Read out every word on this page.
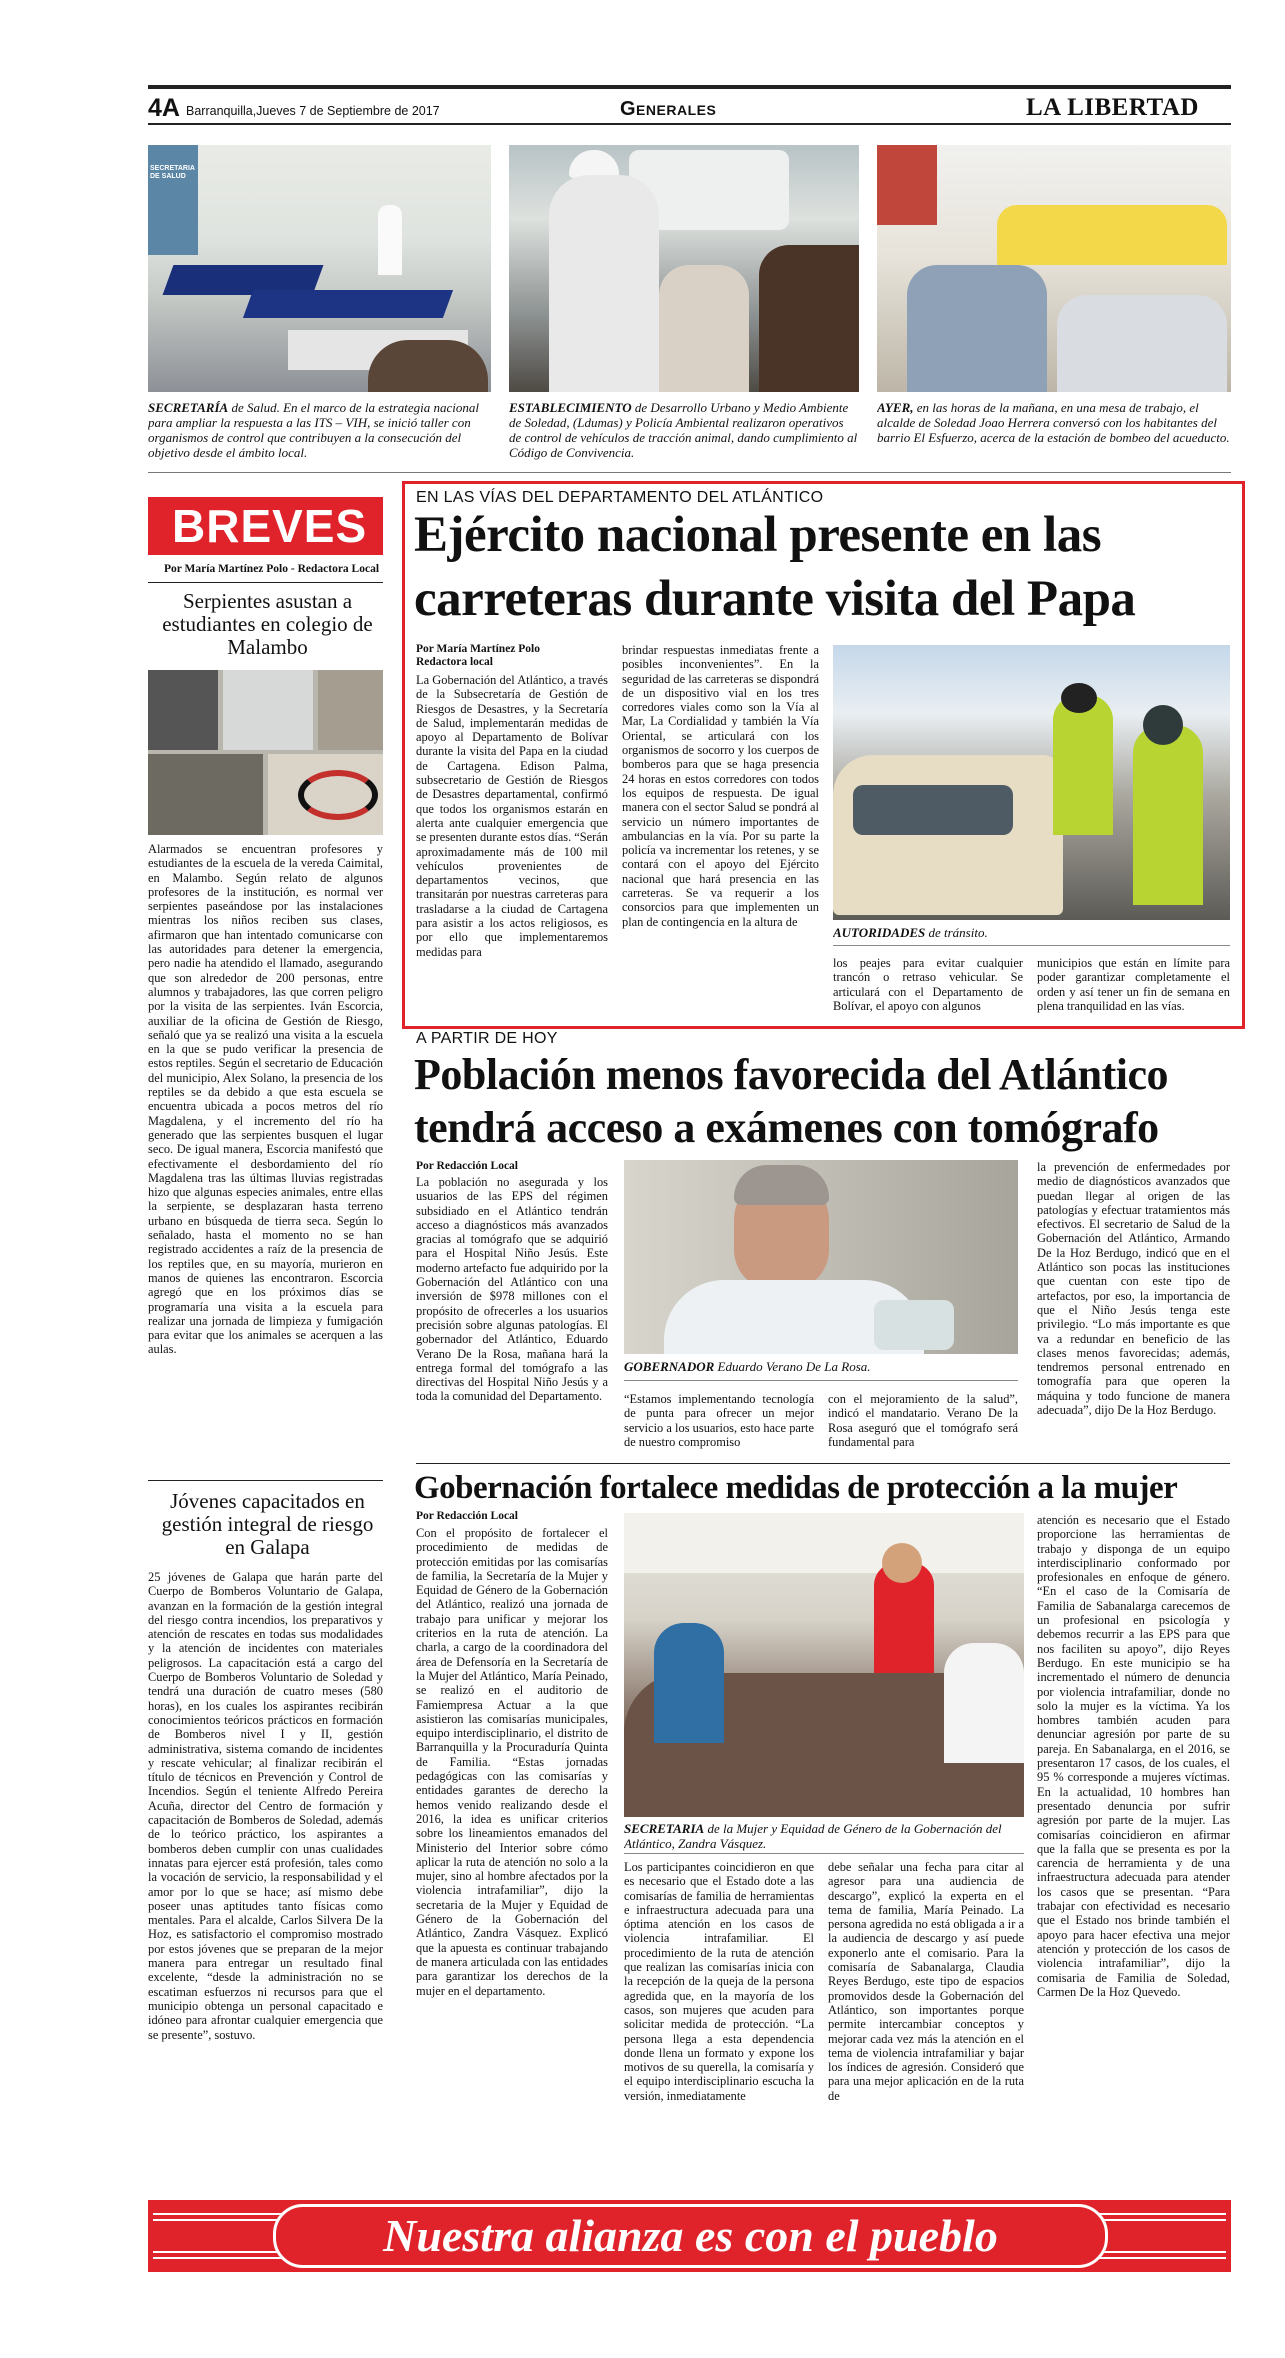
4A Barranquilla,Jueves 7 de Septiembre de 2017	Generales	LA LIBERTAD
SECRETARIA DE SALUD
SECRETARÍA de Salud. En el marco de la estrategia nacional para ampliar la respuesta a las ITS – VIH, se inició taller con organismos de control que contribuyen a la consecución del objetivo desde el ámbito local.
ESTABLECIMIENTO de Desarrollo Urbano y Medio Ambiente de Soledad, (Ldumas) y Policía Ambiental realizaron operativos de control de vehículos de tracción animal, dando cumplimiento al Código de Convivencia.
AYER, en las horas de la mañana, en una mesa de trabajo, el alcalde de Soledad Joao Herrera conversó con los habitantes del barrio El Esfuerzo, acerca de la estación de bombeo del acueducto.
BREVES
Por María Martínez Polo - Redactora Local
Serpientes asustan a estudiantes en colegio de Malambo
Alarmados se encuentran profesores y estudiantes de la escuela de la vereda Caimital, en Malambo. Según relato de algunos profesores de la institución, es normal ver serpientes paseándose por las instalaciones mientras los niños reciben sus clases, afirmaron que han intentado comunicarse con las autoridades para detener la emergencia, pero nadie ha atendido el llamado, asegurando que son alrededor de 200 personas, entre alumnos y trabajadores, las que corren peligro por la visita de las serpientes. Iván Escorcia, auxiliar de la oficina de Gestión de Riesgo, señaló que ya se realizó una visita a la escuela en la que se pudo verificar la presencia de estos reptiles. Según el secretario de Educación del municipio, Alex Solano, la presencia de los reptiles se da debido a que esta escuela se encuentra ubicada a pocos metros del río Magdalena, y el incremento del río ha generado que las serpientes busquen el lugar seco. De igual manera, Escorcia manifestó que efectivamente el desbordamiento del río Magdalena tras las últimas lluvias registradas hizo que algunas especies animales, entre ellas la serpiente, se desplazaran hasta terreno urbano en búsqueda de tierra seca. Según lo señalado, hasta el momento no se han registrado accidentes a raíz de la presencia de los reptiles que, en su mayoría, murieron en manos de quienes las encontraron. Escorcia agregó que en los próximos días se programaría una visita a la escuela para realizar una jornada de limpieza y fumigación para evitar que los animales se acerquen a las aulas.
Jóvenes capacitados en gestión integral de riesgo en Galapa
25 jóvenes de Galapa que harán parte del Cuerpo de Bomberos Voluntario de Galapa, avanzan en la formación de la gestión integral del riesgo contra incendios, los preparativos y atención de rescates en todas sus modalidades y la atención de incidentes con materiales peligrosos. La capacitación está a cargo del Cuerpo de Bomberos Voluntario de Soledad y tendrá una duración de cuatro meses (580 horas), en los cuales los aspirantes recibirán conocimientos teóricos prácticos en formación de Bomberos nivel I y II, gestión administrativa, sistema comando de incidentes y rescate vehicular; al finalizar recibirán el título de técnicos en Prevención y Control de Incendios. Según el teniente Alfredo Pereira Acuña, director del Centro de formación y capacitación de Bomberos de Soledad, además de lo teórico práctico, los aspirantes a bomberos deben cumplir con unas cualidades innatas para ejercer está profesión, tales como la vocación de servicio, la responsabilidad y el amor por lo que se hace; así mismo debe poseer unas aptitudes tanto físicas como mentales. Para el alcalde, Carlos Silvera De la Hoz, es satisfactorio el compromiso mostrado por estos jóvenes que se preparan de la mejor manera para entregar un resultado final excelente, “desde la administración no se escatiman esfuerzos ni recursos para que el municipio obtenga un personal capacitado e idóneo para afrontar cualquier emergencia que se presente”, sostuvo.
EN LAS VÍAS DEL DEPARTAMENTO DEL ATLÁNTICO
Ejército nacional presente en las
carreteras durante visita del Papa
Por María Martínez Polo
Redactora local
La Gobernación del Atlántico, a través de la Subsecretaría de Gestión de Riesgos de Desastres, y la Secretaría de Salud, implementarán medidas de apoyo al Departamento de Bolívar durante la visita del Papa en la ciudad de Cartagena. Edison Palma, subsecretario de Gestión de Riesgos de Desastres departamental, confirmó que todos los organismos estarán en alerta ante cualquier emergencia que se presenten durante estos días. “Serán aproximadamente más de 100 mil vehículos provenientes de departamentos vecinos, que transitarán por nuestras carreteras para trasladarse a la ciudad de Cartagena para asistir a los actos religiosos, es por ello que implementaremos medidas para
brindar respuestas inmediatas frente a posibles inconvenientes”. En la seguridad de las carreteras se dispondrá de un dispositivo vial en los tres corredores viales como son la Vía al Mar, La Cordialidad y también la Vía Oriental, se articulará con los organismos de socorro y los cuerpos de bomberos para que se haga presencia 24 horas en estos corredores con todos los equipos de respuesta. De igual manera con el sector Salud se pondrá al servicio un número importantes de ambulancias en la vía. Por su parte la policía va incrementar los retenes, y se contará con el apoyo del Ejército nacional que hará presencia en las carreteras. Se va requerir a los consorcios para que implementen un plan de contingencia en la altura de
AUTORIDADES de tránsito.
los peajes para evitar cualquier trancón o retraso vehicular. Se articulará con el Departamento de Bolívar, el apoyo con algunos
municipios que están en límite para poder garantizar completamente el orden y así tener un fin de semana en plena tranquilidad en las vías.
A PARTIR DE HOY
Población menos favorecida del Atlántico
tendrá acceso a exámenes con tomógrafo
Por Redacción Local
La población no asegurada y los usuarios de las EPS del régimen subsidiado en el Atlántico tendrán acceso a diagnósticos más avanzados gracias al tomógrafo que se adquirió para el Hospital Niño Jesús. Este moderno artefacto fue adquirido por la Gobernación del Atlántico con una inversión de $978 millones con el propósito de ofrecerles a los usuarios precisión sobre algunas patologías. El gobernador del Atlántico, Eduardo Verano De la Rosa, mañana hará la entrega formal del tomógrafo a las directivas del Hospital Niño Jesús y a toda la comunidad del Departamento.
GOBERNADOR Eduardo Verano De La Rosa.
“Estamos implementando tecnología de punta para ofrecer un mejor servicio a los usuarios, esto hace parte de nuestro compromiso
con el mejoramiento de la salud”, indicó el mandatario. Verano De la Rosa aseguró que el tomógrafo será fundamental para
la prevención de enfermedades por medio de diagnósticos avanzados que puedan llegar al origen de las patologías y efectuar tratamientos más efectivos. El secretario de Salud de la Gobernación del Atlántico, Armando De la Hoz Berdugo, indicó que en el Atlántico son pocas las instituciones que cuentan con este tipo de artefactos, por eso, la importancia de que el Niño Jesús tenga este privilegio. “Lo más importante es que va a redundar en beneficio de las clases menos favorecidas; además, tendremos personal entrenado en tomografía para que operen la máquina y todo funcione de manera adecuada”, dijo De la Hoz Berdugo.
Gobernación fortalece medidas de protección a la mujer
Por Redacción Local
Con el propósito de fortalecer el procedimiento de medidas de protección emitidas por las comisarías de familia, la Secretaría de la Mujer y Equidad de Género de la Gobernación del Atlántico, realizó una jornada de trabajo para unificar y mejorar los criterios en la ruta de atención. La charla, a cargo de la coordinadora del área de Defensoría en la Secretaría de la Mujer del Atlántico, María Peinado, se realizó en el auditorio de Famiempresa Actuar a la que asistieron las comisarías municipales, equipo interdisciplinario, el distrito de Barranquilla y la Procuraduría Quinta de Familia. “Estas jornadas pedagógicas con las comisarías y entidades garantes de derecho la hemos venido realizando desde el 2016, la idea es unificar criterios sobre los lineamientos emanados del Ministerio del Interior sobre cómo aplicar la ruta de atención no solo a la mujer, sino al hombre afectados por la violencia intrafamiliar”, dijo la secretaria de la Mujer y Equidad de Género de la Gobernación del Atlántico, Zandra Vásquez. Explicó que la apuesta es continuar trabajando de manera articulada con las entidades para garantizar los derechos de la mujer en el departamento.
SECRETARIA de la Mujer y Equidad de Género de la Gobernación del Atlántico, Zandra Vásquez.
Los participantes coincidieron en que es necesario que el Estado dote a las comisarías de familia de herramientas e infraestructura adecuada para una óptima atención en los casos de violencia intrafamiliar. El procedimiento de la ruta de atención que realizan las comisarías inicia con la recepción de la queja de la persona agredida que, en la mayoría de los casos, son mujeres que acuden para solicitar medida de protección. “La persona llega a esta dependencia donde llena un formato y expone los motivos de su querella, la comisaría y el equipo interdisciplinario escucha la versión, inmediatamente
debe señalar una fecha para citar al agresor para una audiencia de descargo”, explicó la experta en el tema de familia, María Peinado. La persona agredida no está obligada a ir a la audiencia de descargo y así puede exponerlo ante el comisario. Para la comisaría de Sabanalarga, Claudia Reyes Berdugo, este tipo de espacios promovidos desde la Gobernación del Atlántico, son importantes porque permite intercambiar conceptos y mejorar cada vez más la atención en el tema de violencia intrafamiliar y bajar los índices de agresión. Consideró que para una mejor aplicación en de la ruta de
atención es necesario que el Estado proporcione las herramientas de trabajo y disponga de un equipo interdisciplinario conformado por profesionales en enfoque de género. “En el caso de la Comisaría de Familia de Sabanalarga carecemos de un profesional en psicología y debemos recurrir a las EPS para que nos faciliten su apoyo”, dijo Reyes Berdugo. En este municipio se ha incrementado el número de denuncia por violencia intrafamiliar, donde no solo la mujer es la víctima. Ya los hombres también acuden para denunciar agresión por parte de su pareja. En Sabanalarga, en el 2016, se presentaron 17 casos, de los cuales, el 95 % corresponde a mujeres víctimas. En la actualidad, 10 hombres han presentado denuncia por sufrir agresión por parte de la mujer. Las comisarías coincidieron en afirmar que la falla que se presenta es por la carencia de herramienta y de una infraestructura adecuada para atender los casos que se presentan. “Para trabajar con efectividad es necesario que el Estado nos brinde también el apoyo para hacer efectiva una mejor atención y protección de los casos de violencia intrafamiliar”, dijo la comisaria de Familia de Soledad, Carmen De la Hoz Quevedo.
Nuestra alianza es con el pueblo
